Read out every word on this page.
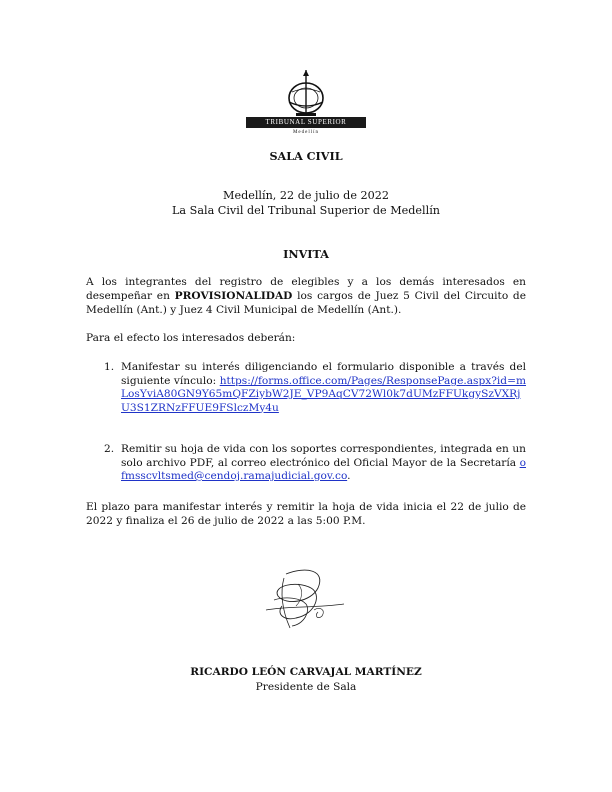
TRIBUNAL SUPERIOR
Medellín
SALA CIVIL
Medellín, 22 de julio de 2022
La Sala Civil del Tribunal Superior de Medellín
INVITA
A los integrantes del registro de elegibles y a los demás interesados en desempeñar en PROVISIONALIDAD los cargos de Juez 5 Civil del Circuito de Medellín (Ant.) y Juez 4 Civil Municipal de Medellín (Ant.).
Para el efecto los interesados deberán:
1. Manifestar su interés diligenciando el formulario disponible a través del siguiente vínculo: https://forms.office.com/Pages/ResponsePage.aspx?id=mLosYviA80GN9Y65mQFZiybW2JE_VP9AqCV72Wl0k7dUMzFFUkgySzVXRjU3S1ZRNzFFUE9FSlczMy4u
2. Remitir su hoja de vida con los soportes correspondientes, integrada en un solo archivo PDF, al correo electrónico del Oficial Mayor de la Secretaría ofmsscvltsmed@cendoj.ramajudicial.gov.co.
El plazo para manifestar interés y remitir la hoja de vida inicia el 22 de julio de 2022 y finaliza el 26 de julio de 2022 a las 5:00 P.M.
RICARDO LEÓN CARVAJAL MARTÍNEZ
Presidente de Sala
